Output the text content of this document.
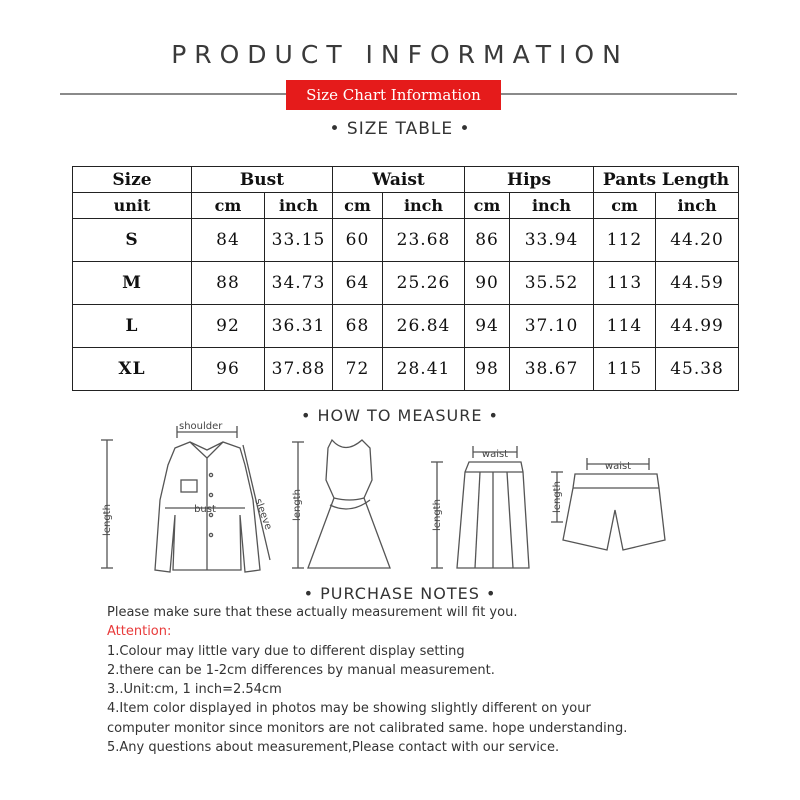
PRODUCT INFORMATION
Size Chart Information
• SIZE TABLE •
Size	Bust		Waist		Hips		Pants Length	
unit	cm	inch	cm	inch	cm	inch	cm	inch
S	84	33.15	60	23.68	86	33.94	112	44.20
M	88	34.73	64	25.26	90	35.52	113	44.59
L	92	36.31	68	26.84	94	37.10	114	44.99
XL	96	37.88	72	28.41	98	38.67	115	45.38
• HOW TO MEASURE •
shoulder
length	bust	sleeve length
waist
length
waist
length
• PURCHASE NOTES •
Please make sure that these actually measurement will fit you.
Attention:
1.Colour may little vary due to different display setting
2.there can be 1-2cm differences by manual measurement.
3..Unit:cm, 1 inch=2.54cm
4.Item color displayed in photos may be showing slightly different on your
computer monitor since monitors are not calibrated same. hope understanding.
5.Any questions about measurement,Please contact with our service.
